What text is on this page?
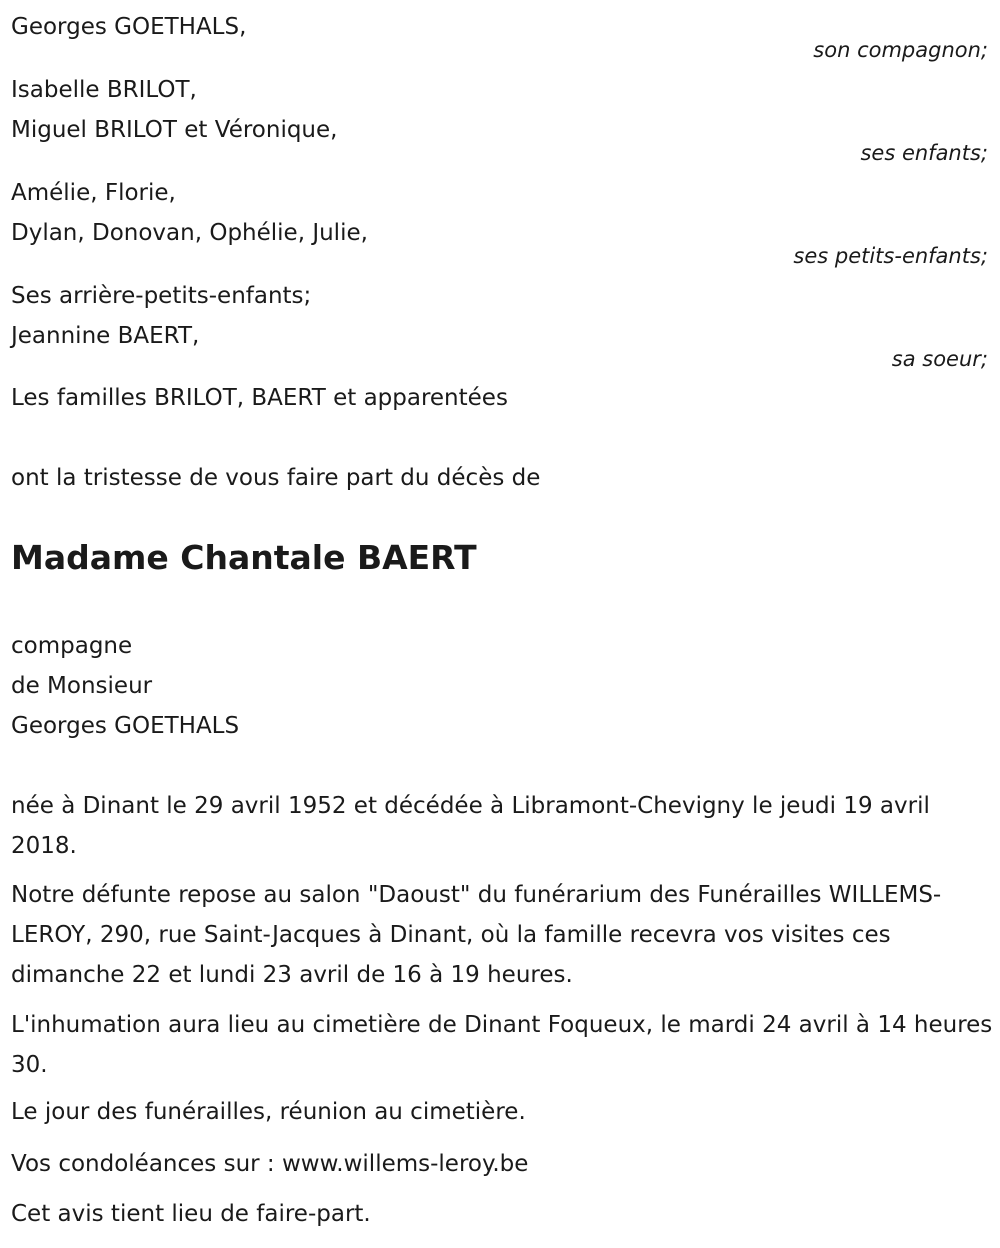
Georges GOETHALS,
son compagnon;
Isabelle BRILOT,
Miguel BRILOT et Véronique,
ses enfants;
Amélie, Florie,
Dylan, Donovan, Ophélie, Julie,
ses petits-enfants;
Ses arrière-petits-enfants;
Jeannine BAERT,
sa soeur;
Les familles BRILOT, BAERT et apparentées
ont la tristesse de vous faire part du décès de
Madame Chantale BAERT
compagne
de Monsieur
Georges GOETHALS
née à Dinant le 29 avril 1952 et décédée à Libramont-Chevigny le jeudi 19 avril 2018.
Notre défunte repose au salon "Daoust" du funérarium des Funérailles WILLEMS-LEROY, 290, rue Saint-Jacques à Dinant, où la famille recevra vos visites ces dimanche 22 et lundi 23 avril de 16 à 19 heures.
L'inhumation aura lieu au cimetière de Dinant Foqueux, le mardi 24 avril à 14 heures 30.
Le jour des funérailles, réunion au cimetière.
Vos condoléances sur : www.willems-leroy.be
Cet avis tient lieu de faire-part.
